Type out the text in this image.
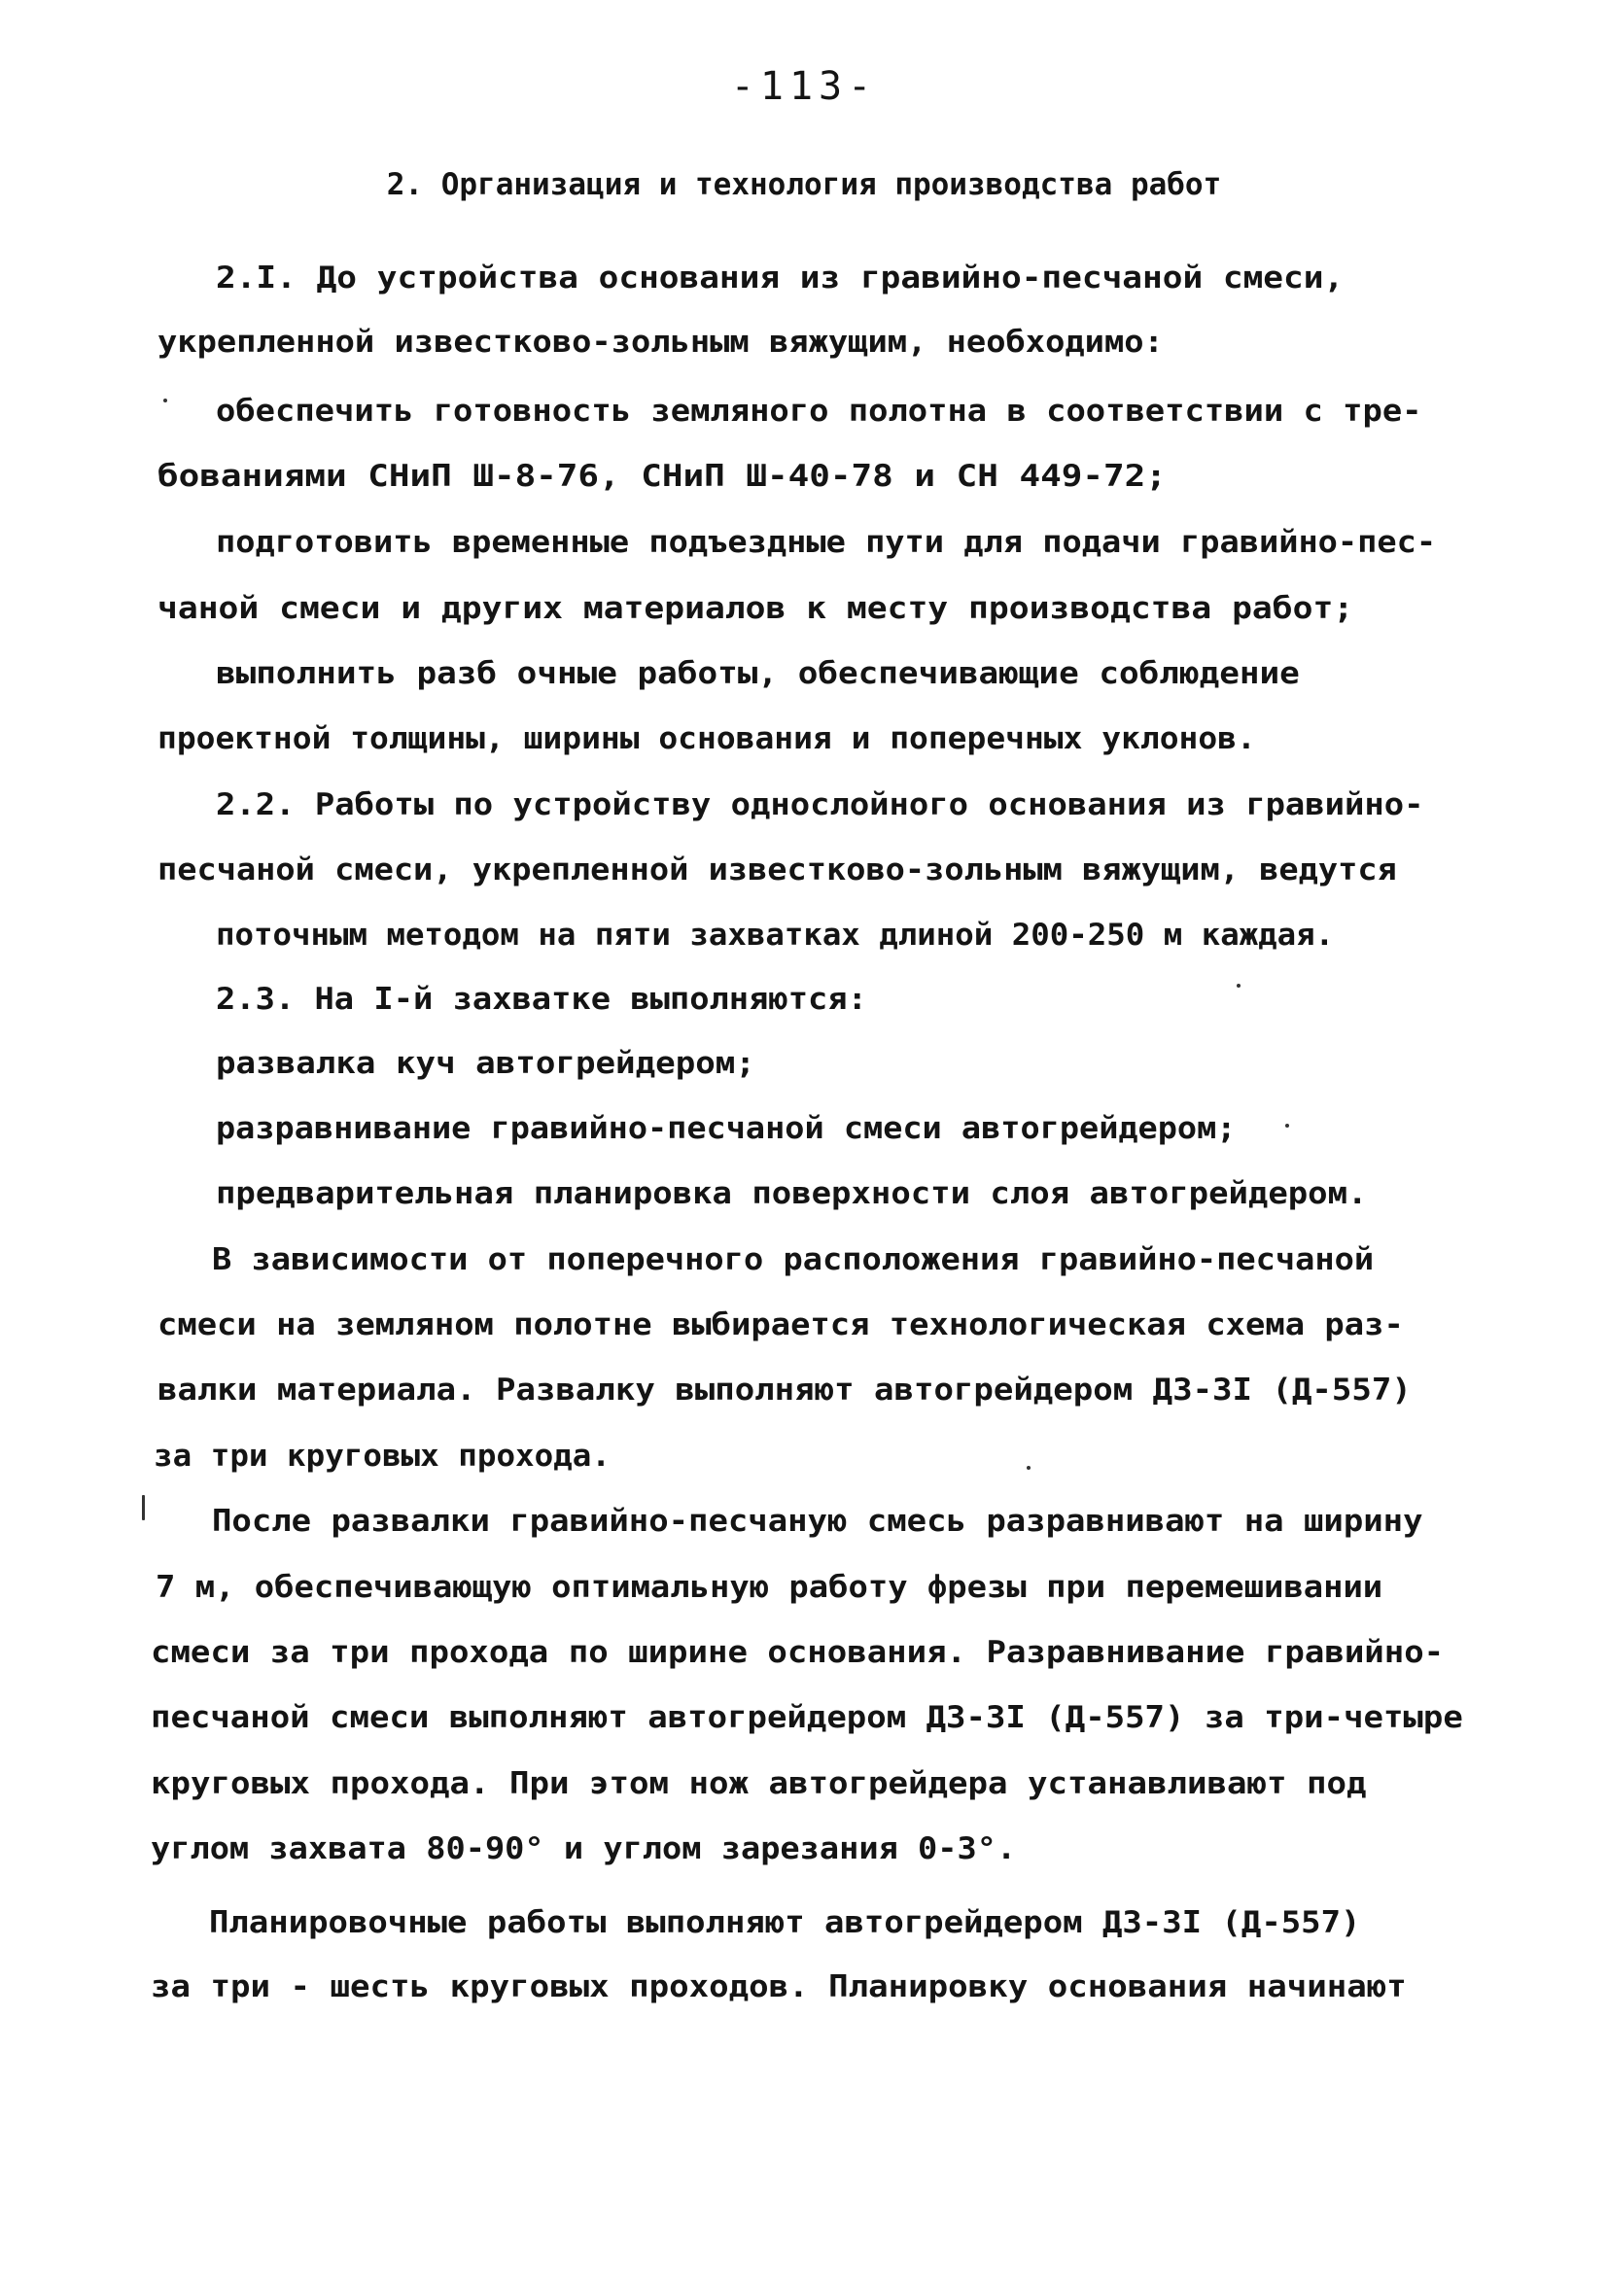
-113-
2. Организация и технология производства работ
2.I. До устройства основания из гравийно-песчаной смеси,
укрепленной известково-зольным вяжущим, необходимо:
обеспечить готовность земляного полотна в соответствии с тре-
бованиями СНиП Ш-8-76, СНиП Ш-40-78 и СН 449-72;
подготовить временные подъездные пути для подачи гравийно-пес-
чаной смеси и других материалов к месту производства работ;
выполнить разб очные работы, обеспечивающие соблюдение
проектной толщины, ширины основания и поперечных уклонов.
2.2. Работы по устройству однослойного основания из гравийно-
песчаной смеси, укрепленной известково-зольным вяжущим, ведутся
поточным методом на пяти захватках длиной 200-250 м каждая.
2.3. На I-й захватке выполняются:
развалка куч автогрейдером;
разравнивание гравийно-песчаной смеси автогрейдером;
предварительная планировка поверхности слоя автогрейдером.
В зависимости от поперечного расположения гравийно-песчаной
смеси на земляном полотне выбирается технологическая схема раз-
валки материала. Развалку выполняют автогрейдером ДЗ-3I (Д-557)
за три круговых прохода.
После развалки гравийно-песчаную смесь разравнивают на ширину
7 м, обеспечивающую оптимальную работу фрезы при перемешивании
смеси за три прохода по ширине основания. Разравнивание гравийно-
песчаной смеси выполняют автогрейдером ДЗ-3I (Д-557) за три-четыре
круговых прохода. При этом нож автогрейдера устанавливают под
углом захвата 80-90° и углом зарезания 0-3°.
Планировочные работы выполняют автогрейдером ДЗ-3I (Д-557)
за три - шесть круговых проходов. Планировку основания начинают
